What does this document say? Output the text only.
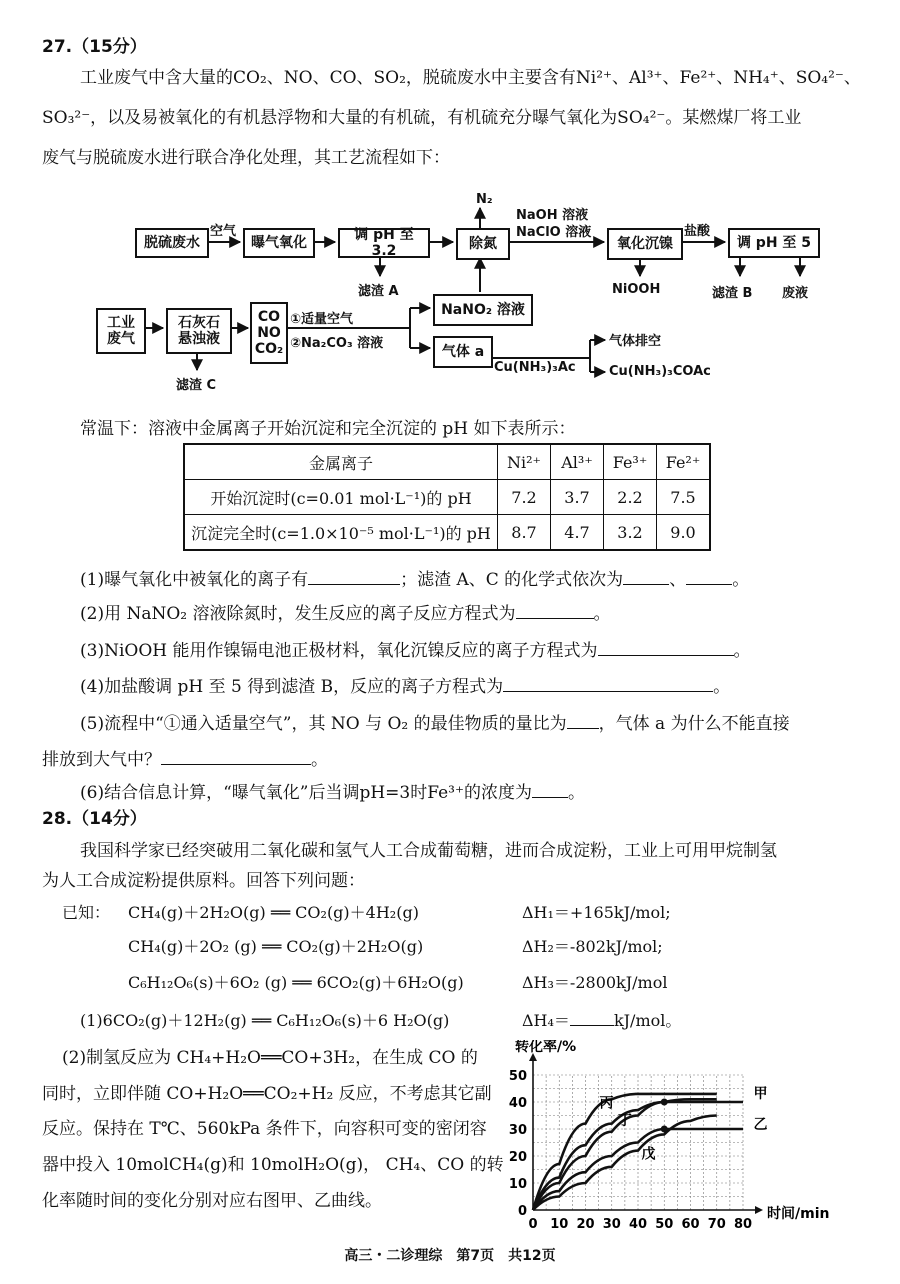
27.（15分）
工业废气中含大量的CO₂、NO、CO、SO₂，脱硫废水中主要含有Ni²⁺、Al³⁺、Fe²⁺、NH₄⁺、SO₄²⁻、
SO₃²⁻，以及易被氧化的有机悬浮物和大量的有机硫，有机硫充分曝气氧化为SO₄²⁻。某燃煤厂将工业
废气与脱硫废水进行联合净化处理，其工艺流程如下：
脱硫废水
空气
曝气氧化	调 pH 至 3.2
滤渣 A
除氮
N₂
NaOH 溶液
NaClO 溶液
氧化沉镍
NiOOH
盐酸
调 pH 至 5
滤渣 B 废液
工业
废气
石灰石
悬浊液
滤渣 C
CO
NO
CO₂
①适量空气
②Na₂CO₃ 溶液
NaNO₂ 溶液
气体 a
Cu(NH₃)₃Ac
气体排空
Cu(NH₃)₃COAc
常温下：溶液中金属离子开始沉淀和完全沉淀的 pH 如下表所示：
金属离子	Ni²⁺	Al³⁺	Fe³⁺	Fe²⁺
开始沉淀时(c=0.01 mol·L⁻¹)的 pH	7.2	3.7	2.2	7.5
沉淀完全时(c=1.0×10⁻⁵ mol·L⁻¹)的 pH	8.7	4.7	3.2	9.0
(1)曝气氧化中被氧化的离子有	；滤渣 A、C 的化学式依次为	、	。
(2)用 NaNO₂ 溶液除氮时，发生反应的离子反应方程式为	。
(3)NiOOH 能用作镍镉电池正极材料，氧化沉镍反应的离子方程式为	。
(4)加盐酸调 pH 至 5 得到滤渣 B，反应的离子方程式为	。
(5)流程中“①通入适量空气”，其 NO 与 O₂ 的最佳物质的量比为 ，气体 a 为什么不能直接
排放到大气中？	。
(6)结合信息计算，“曝气氧化”后当调pH=3时Fe³⁺的浓度为 。
28.（14分）
我国科学家已经突破用二氧化碳和氢气人工合成葡萄糖，进而合成淀粉，工业上可用甲烷制氢
为人工合成淀粉提供原料。回答下列问题：
已知： CH₄(g)＋2H₂O(g) ══ CO₂(g)＋4H₂(g)	ΔH₁＝+165kJ/mol;
CH₄(g)＋2O₂ (g) ══ CO₂(g)＋2H₂O(g)	ΔH₂＝-802kJ/mol;
C₆H₁₂O₆(s)＋6O₂ (g) ══ 6CO₂(g)＋6H₂O(g)	ΔH₃＝-2800kJ/mol
(1)6CO₂(g)＋12H₂(g) ══ C₆H₁₂O₆(s)＋6 H₂O(g)	ΔH₄＝	kJ/mol。
(2)制氢反应为 CH₄+H₂O══CO+3H₂，在生成 CO 的
同时，立即伴随 CO+H₂O══CO₂+H₂ 反应，不考虑其它副
反应。保持在 T℃、560kPa 条件下，向容积可变的密闭容
器中投入 10molCH₄(g)和 10molH₂O(g)， CH₄、CO 的转
化率随时间的变化分别对应右图甲、乙曲线。
0 10 20 30 40 50 60 70 80
0
10
20
30
40
50
转化率/%
时间/min
甲
乙
丙
丁
戊
高三・二诊理综　第7页　共12页
